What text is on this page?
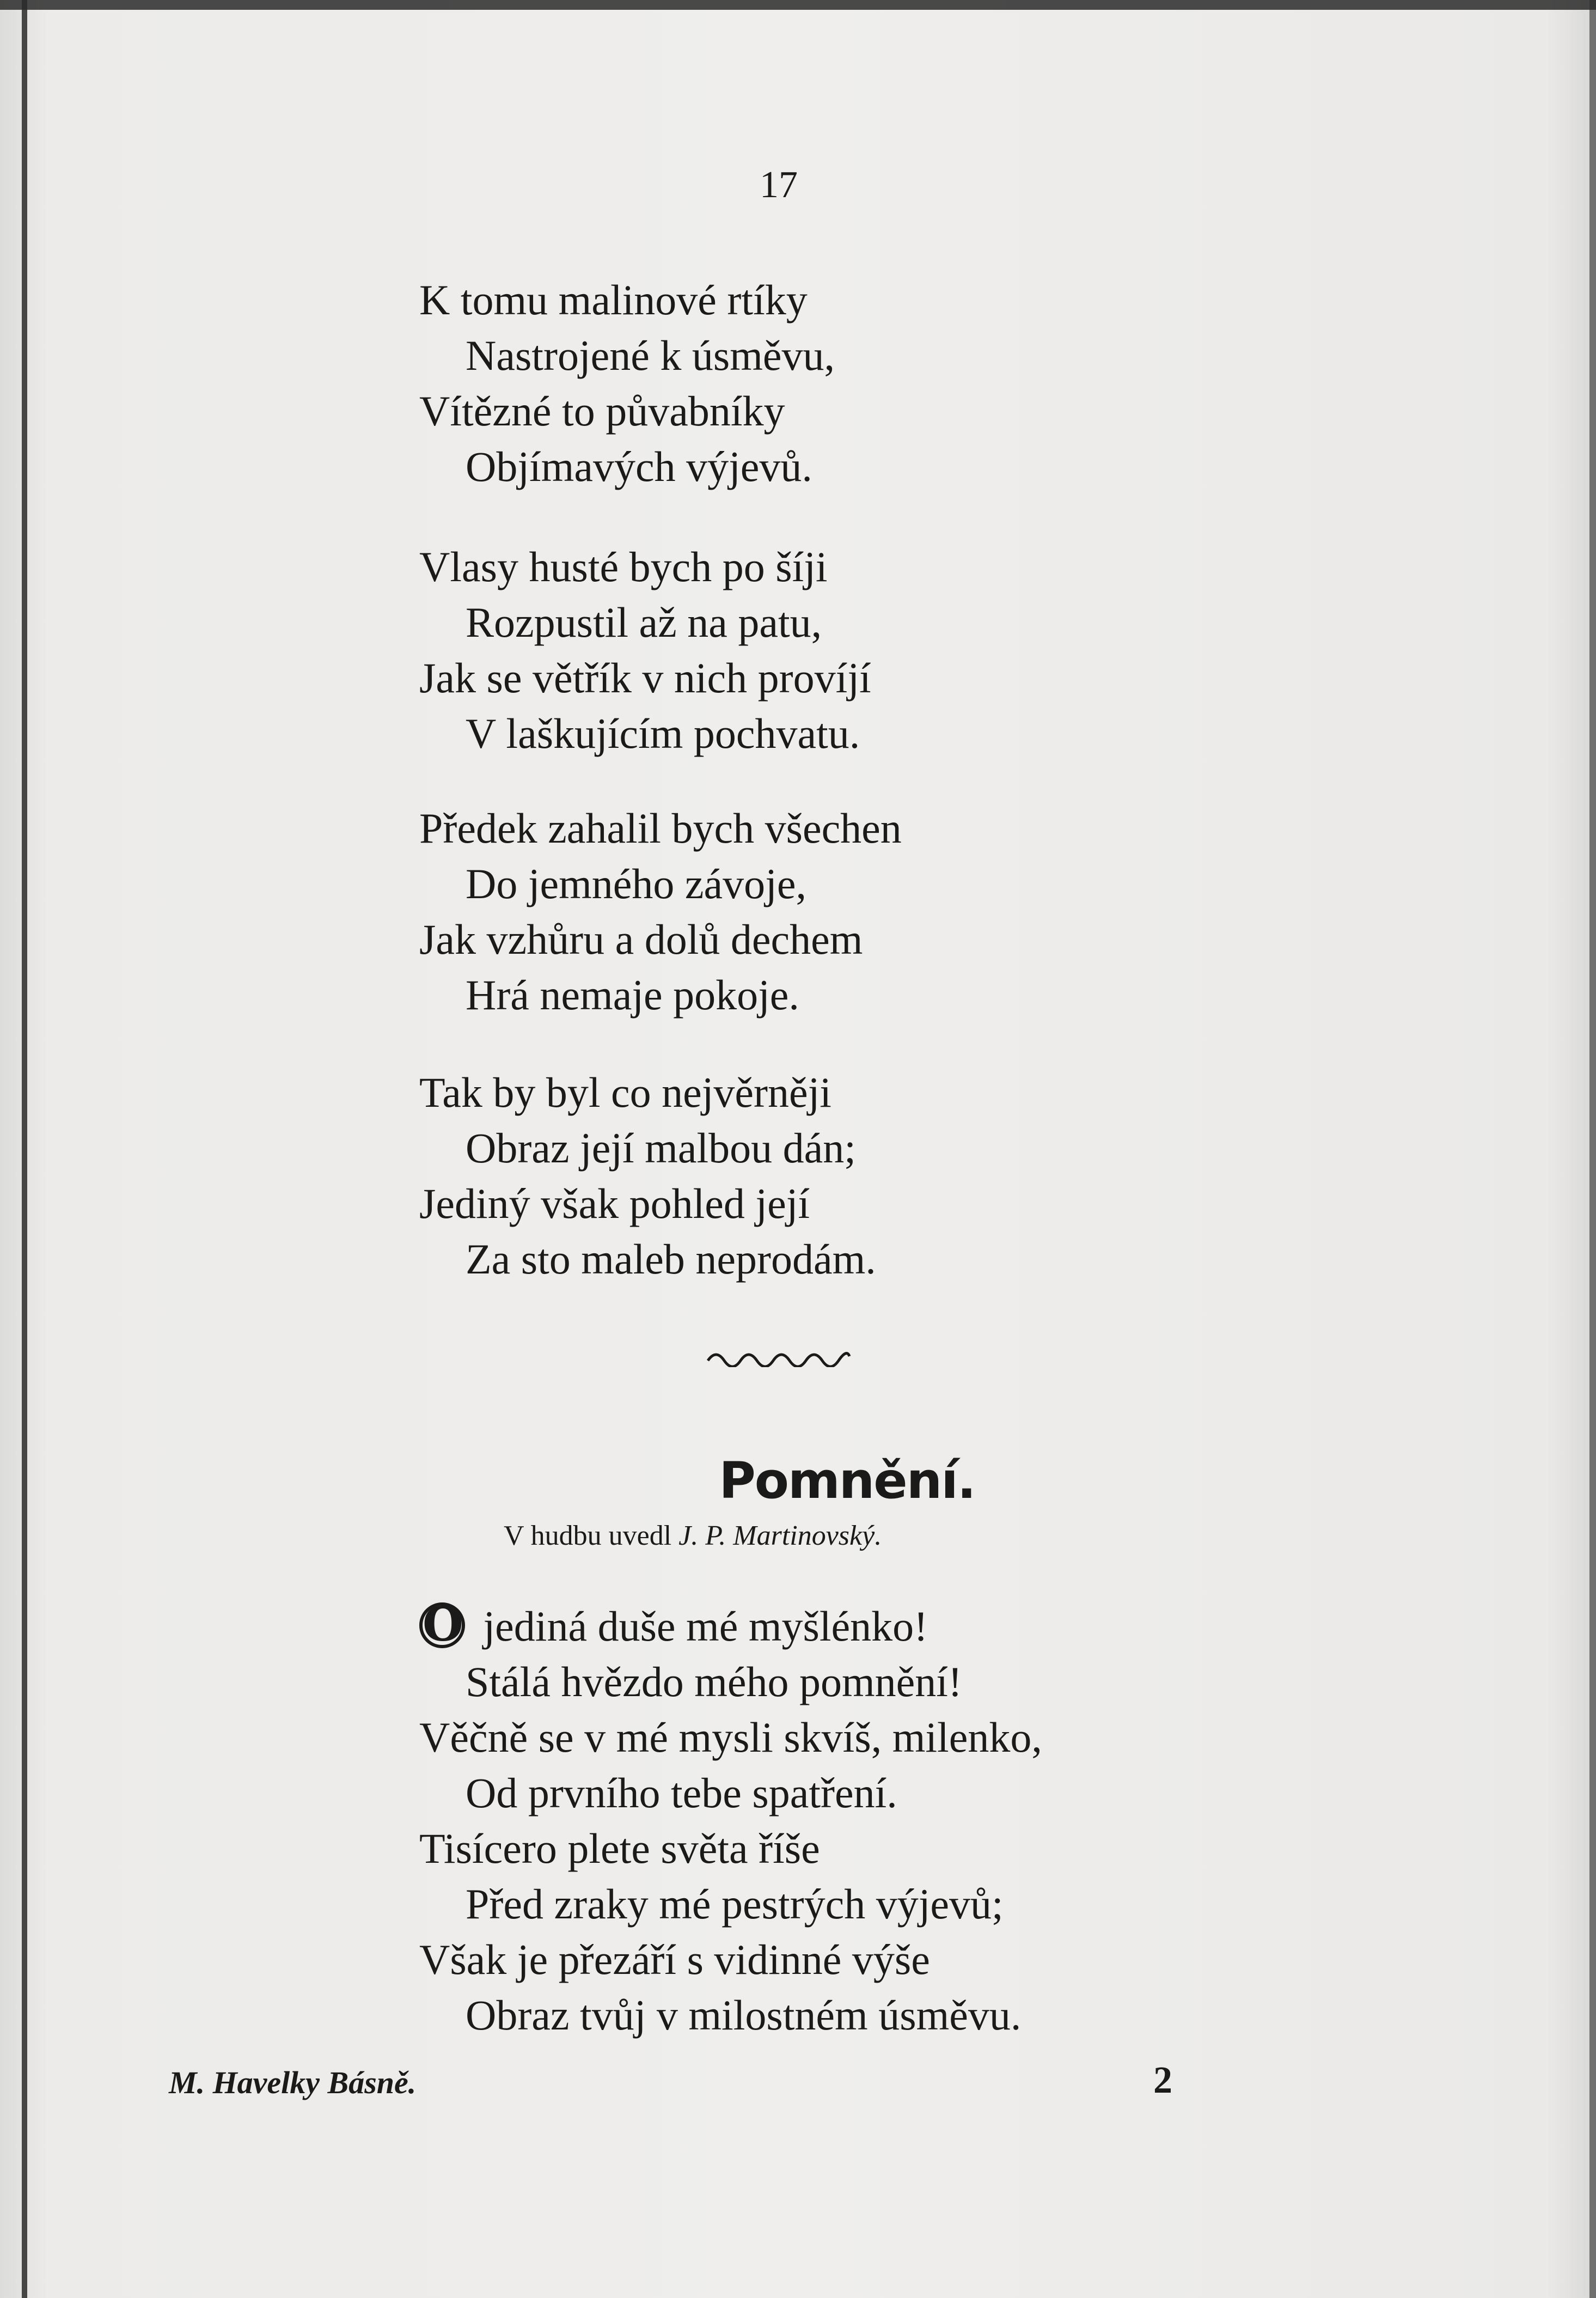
17
K tomu malinové rtíky
Nastrojené k úsměvu,
Vítězné to půvabníky
Objímavých výjevů.
Vlasy husté bych po šíji
Rozpustil až na patu,
Jak se větřík v nich províjí
V laškujícím pochvatu.
Předek zahalil bych všechen
Do jemného závoje,
Jak vzhůru a dolů dechem
Hrá nemaje pokoje.
Tak by byl co nejvěrněji
Obraz její malbou dán;
Jediný však pohled její
Za sto maleb neprodám.
Pomnění.
V hudbu uvedl J. P. Martinovský.
O jediná duše mé myšlénko!
Stálá hvězdo mého pomnění!
Věčně se v mé mysli skvíš, milenko,
Od prvního tebe spatření.
Tisícero plete světa říše
Před zraky mé pestrých výjevů;
Však je přezáří s vidinné výše
Obraz tvůj v milostném úsměvu.
M. Havelky Básně.	2
